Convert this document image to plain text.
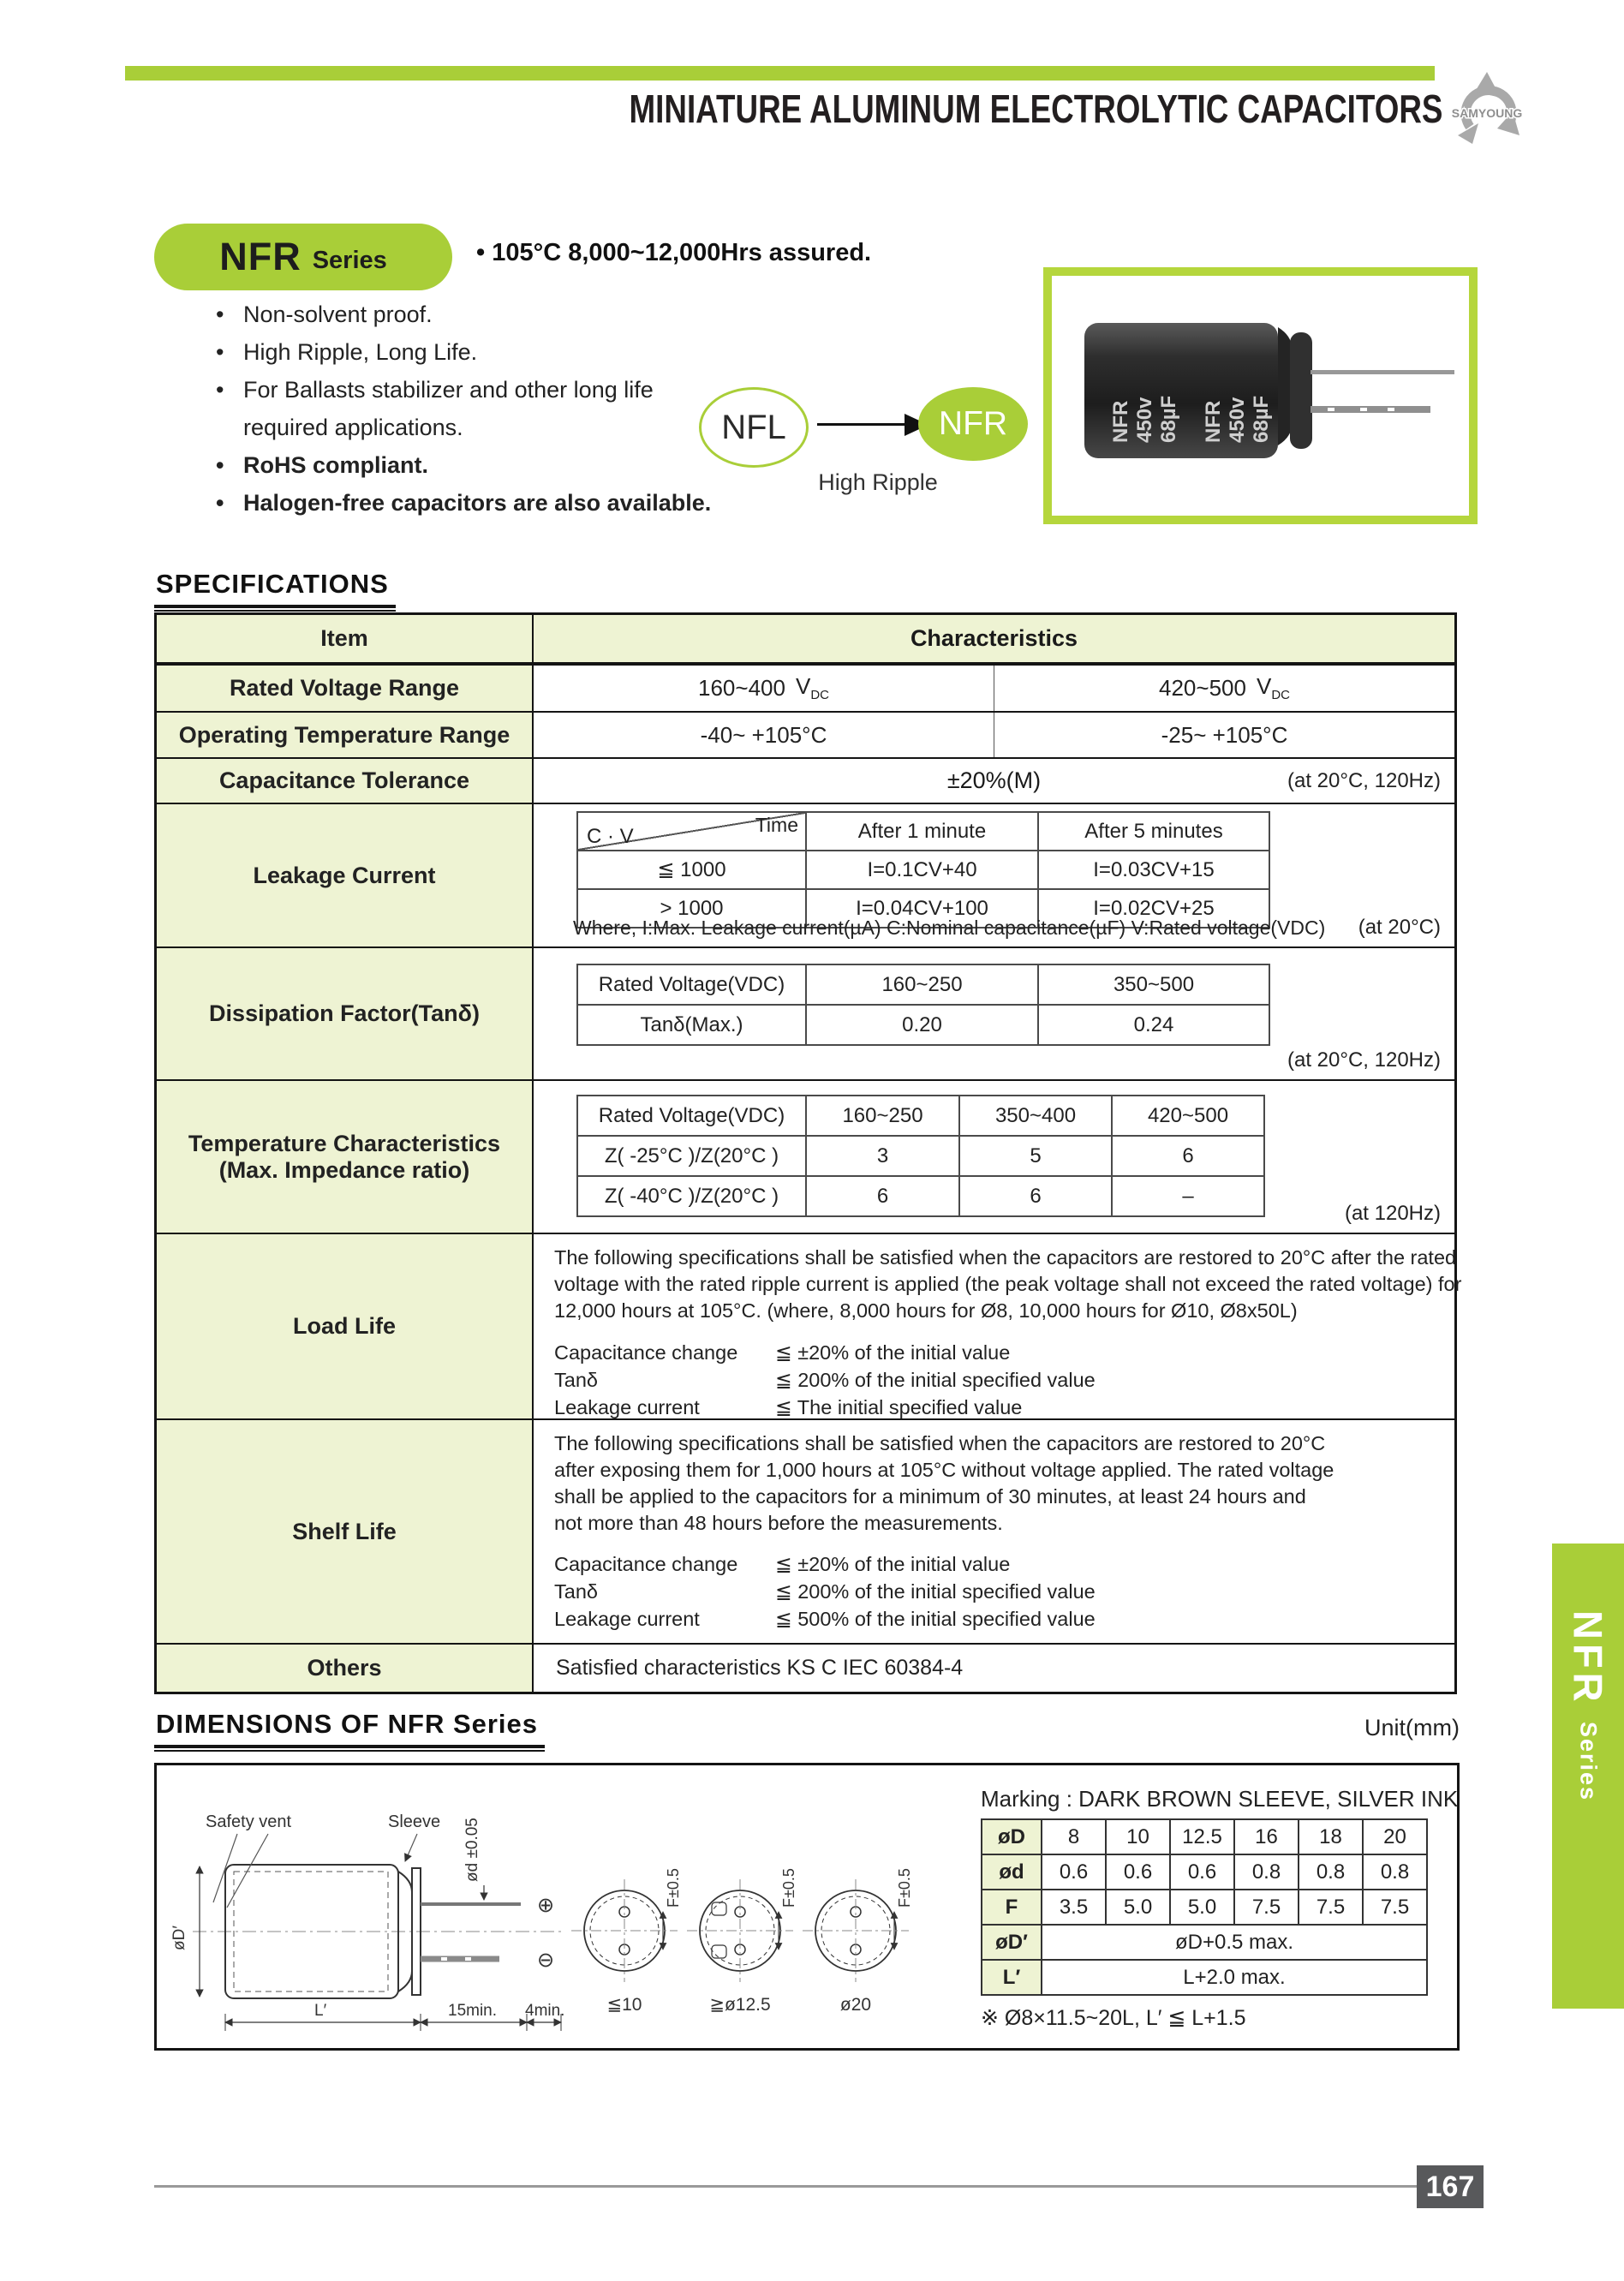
MINIATURE ALUMINUM ELECTROLYTIC CAPACITORS SAMYOUNG
NFR Series	• 105°C 8,000~12,000Hrs assured.
• Non-solvent proof.
• High Ripple, Long Life.
• For Ballasts stabilizer and other long life
required applications.
• RoHS compliant.
• Halogen-free capacitors are also available.
NFL	NFR
High Ripple
NFR 450v 68µF NFR 450v 68µF
SPECIFICATIONS
Item	Characteristics
Rated Voltage Range	160~400 $V_{DC}$	420~500 $V_{DC}$
Operating Temperature Range	-40~ +105°C	-25~ +105°C
Capacitance Tolerance	±20%(M)	(at 20°C, 120Hz)
Leakage Current
Time
C · V	After 1 minute	After 5 minutes
≦ 1000	I=0.1CV+40	I=0.03CV+15
> 1000	I=0.04CV+100	I=0.02CV+25
Where, I:Max. Leakage current(µA) C:Nominal capacitance(µF) V:Rated voltage(VDC) (at 20°C)
Dissipation Factor(Tanδ)
Rated Voltage(VDC)	160~250	350~500
Tanδ(Max.)	0.20	0.24
(at 20°C, 120Hz)
Temperature Characteristics
(Max. Impedance ratio)
Rated Voltage(VDC)	160~250	350~400	420~500
Z( -25°C )/Z(20°C )	3	5	6
Z( -40°C )/Z(20°C )	6	6	–
(at 120Hz)
Load Life
The following specifications shall be satisfied when the capacitors are restored to 20°C after the rated
voltage with the rated ripple current is applied (the peak voltage shall not exceed the rated voltage) for
12,000 hours at 105°C. (where, 8,000 hours for Ø8, 10,000 hours for Ø10, Ø8x50L)
Capacitance change	≦ ±20% of the initial value
Tanδ	≦ 200% of the initial specified value
Leakage current	≦ The initial specified value
Shelf Life
The following specifications shall be satisfied when the capacitors are restored to 20°C
after exposing them for 1,000 hours at 105°C without voltage applied. The rated voltage
shall be applied to the capacitors for a minimum of 30 minutes, at least 24 hours and
not more than 48 hours before the measurements.
Capacitance change	≦ ±20% of the initial value
Tanδ	≦ 200% of the initial specified value
Leakage current	≦ 500% of the initial specified value
Others	Satisfied characteristics KS C IEC 60384-4
DIMENSIONS OF NFR Series	Unit(mm)
Safety vent	Sleeve
øD′
ød ±0.05
⊕
⊖
L′	15min. 4min.
F±0.5	F±0.5	F±0.5
≦10	≧ø12.5	ø20
Marking : DARK BROWN SLEEVE, SILVER INK
øD	8	10	12.5	16	18	20
ød	0.6	0.6	0.6	0.8	0.8	0.8
F	3.5	5.0	5.0	7.5	7.5	7.5
øD′	øD+0.5 max.					
L′	L+2.0 max.					
※ Ø8×11.5~20L, L′ ≦ L+1.5
NFR
Series
167
